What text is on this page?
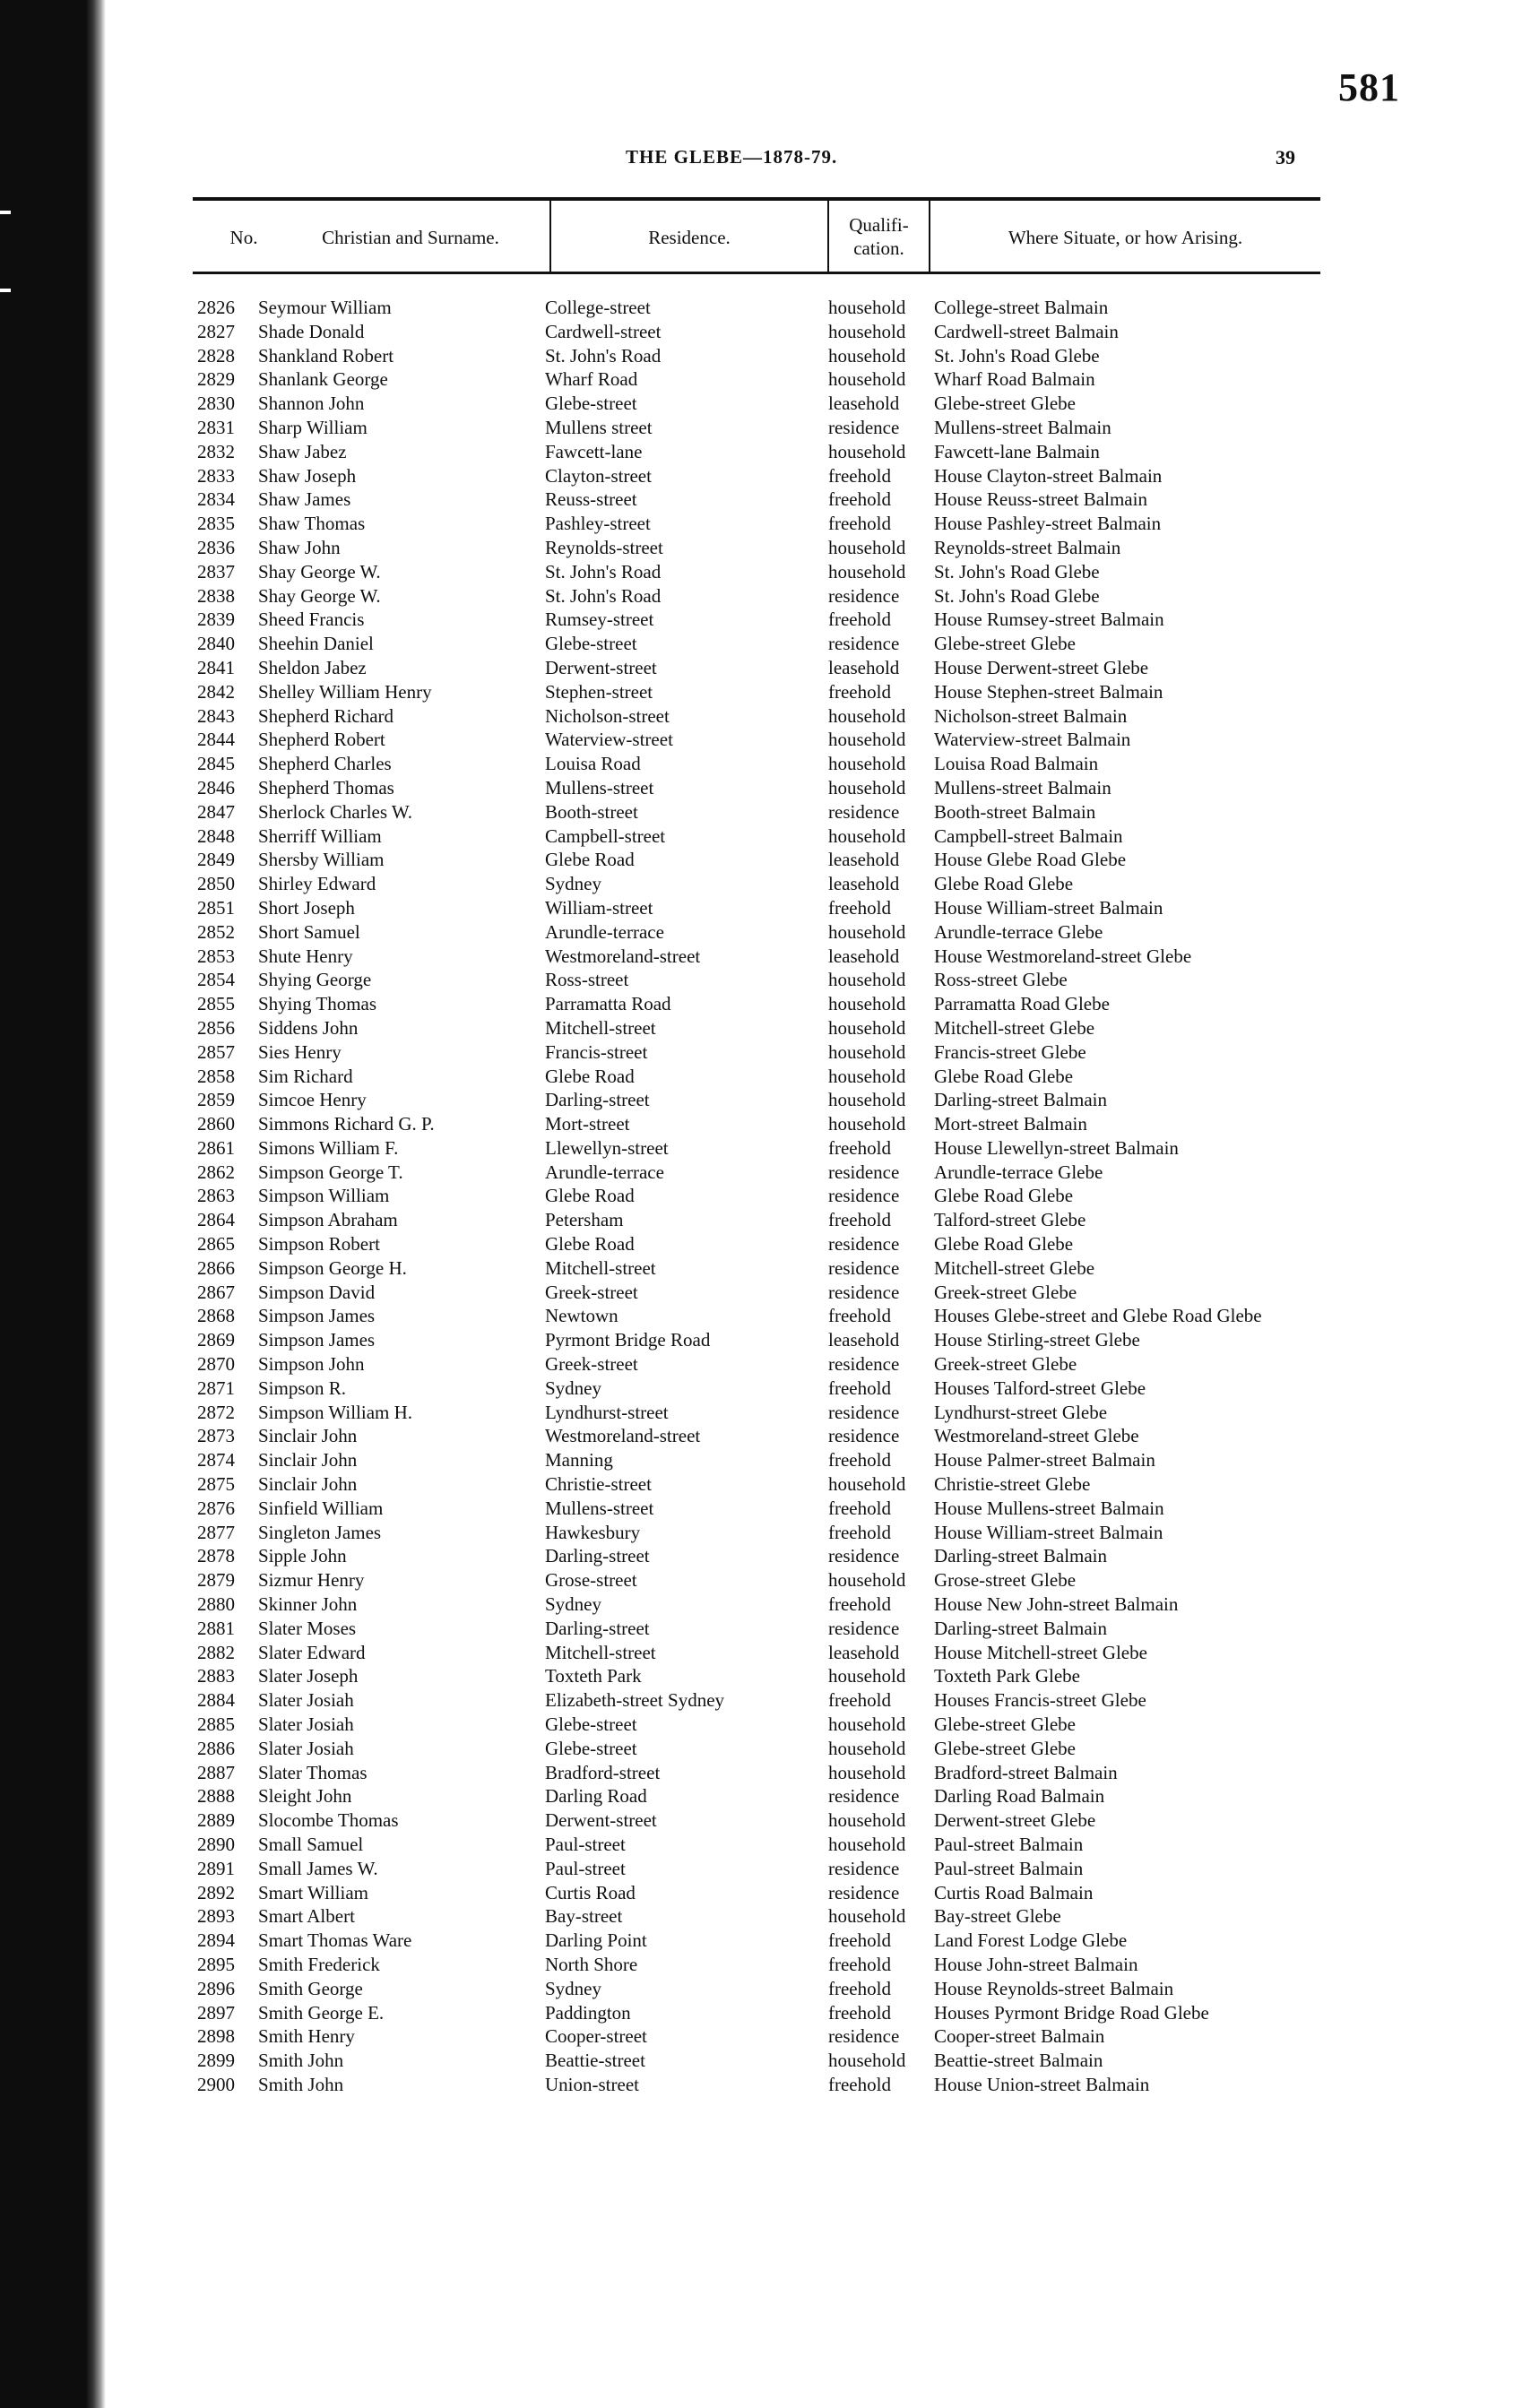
581
THE GLEBE—1878-79.	39
No.	Christian and Surname.	Residence.
Qualifi-
cation.	Where Situate, or how Arising.
2826 Seymour William	College-street	household College-street Balmain
2827 Shade Donald	Cardwell-street	household Cardwell-street Balmain
2828 Shankland Robert	St. John's Road	household St. John's Road Glebe
2829 Shanlank George	Wharf Road	household Wharf Road Balmain
2830 Shannon John	Glebe-street	leasehold Glebe-street Glebe
2831 Sharp William	Mullens street	residence Mullens-street Balmain
2832 Shaw Jabez	Fawcett-lane	household Fawcett-lane Balmain
2833 Shaw Joseph	Clayton-street	freehold House Clayton-street Balmain
2834 Shaw James	Reuss-street	freehold House Reuss-street Balmain
2835 Shaw Thomas	Pashley-street	freehold House Pashley-street Balmain
2836 Shaw John	Reynolds-street	household Reynolds-street Balmain
2837 Shay George W.	St. John's Road	household St. John's Road Glebe
2838 Shay George W.	St. John's Road	residence St. John's Road Glebe
2839 Sheed Francis	Rumsey-street	freehold House Rumsey-street Balmain
2840 Sheehin Daniel	Glebe-street	residence Glebe-street Glebe
2841 Sheldon Jabez	Derwent-street	leasehold House Derwent-street Glebe
2842 Shelley William Henry	Stephen-street	freehold House Stephen-street Balmain
2843 Shepherd Richard	Nicholson-street	household Nicholson-street Balmain
2844 Shepherd Robert	Waterview-street	household Waterview-street Balmain
2845 Shepherd Charles	Louisa Road	household Louisa Road Balmain
2846 Shepherd Thomas	Mullens-street	household Mullens-street Balmain
2847 Sherlock Charles W.	Booth-street	residence Booth-street Balmain
2848 Sherriff William	Campbell-street	household Campbell-street Balmain
2849 Shersby William	Glebe Road	leasehold House Glebe Road Glebe
2850 Shirley Edward	Sydney	leasehold Glebe Road Glebe
2851 Short Joseph	William-street	freehold House William-street Balmain
2852 Short Samuel	Arundle-terrace	household Arundle-terrace Glebe
2853 Shute Henry	Westmoreland-street	leasehold House Westmoreland-street Glebe
2854 Shying George	Ross-street	household Ross-street Glebe
2855 Shying Thomas	Parramatta Road	household Parramatta Road Glebe
2856 Siddens John	Mitchell-street	household Mitchell-street Glebe
2857 Sies Henry	Francis-street	household Francis-street Glebe
2858 Sim Richard	Glebe Road	household Glebe Road Glebe
2859 Simcoe Henry	Darling-street	household Darling-street Balmain
2860 Simmons Richard G. P.	Mort-street	household Mort-street Balmain
2861 Simons William F.	Llewellyn-street	freehold House Llewellyn-street Balmain
2862 Simpson George T.	Arundle-terrace	residence Arundle-terrace Glebe
2863 Simpson William	Glebe Road	residence Glebe Road Glebe
2864 Simpson Abraham	Petersham	freehold Talford-street Glebe
2865 Simpson Robert	Glebe Road	residence Glebe Road Glebe
2866 Simpson George H.	Mitchell-street	residence Mitchell-street Glebe
2867 Simpson David	Greek-street	residence Greek-street Glebe
2868 Simpson James	Newtown	freehold Houses Glebe-street and Glebe Road Glebe
2869 Simpson James	Pyrmont Bridge Road	leasehold House Stirling-street Glebe
2870 Simpson John	Greek-street	residence Greek-street Glebe
2871 Simpson R.	Sydney	freehold Houses Talford-street Glebe
2872 Simpson William H.	Lyndhurst-street	residence Lyndhurst-street Glebe
2873 Sinclair John	Westmoreland-street	residence Westmoreland-street Glebe
2874 Sinclair John	Manning	freehold House Palmer-street Balmain
2875 Sinclair John	Christie-street	household Christie-street Glebe
2876 Sinfield William	Mullens-street	freehold House Mullens-street Balmain
2877 Singleton James	Hawkesbury	freehold House William-street Balmain
2878 Sipple John	Darling-street	residence Darling-street Balmain
2879 Sizmur Henry	Grose-street	household Grose-street Glebe
2880 Skinner John	Sydney	freehold House New John-street Balmain
2881 Slater Moses	Darling-street	residence Darling-street Balmain
2882 Slater Edward	Mitchell-street	leasehold House Mitchell-street Glebe
2883 Slater Joseph	Toxteth Park	household Toxteth Park Glebe
2884 Slater Josiah	Elizabeth-street Sydney	freehold Houses Francis-street Glebe
2885 Slater Josiah	Glebe-street	household Glebe-street Glebe
2886 Slater Josiah	Glebe-street	household Glebe-street Glebe
2887 Slater Thomas	Bradford-street	household Bradford-street Balmain
2888 Sleight John	Darling Road	residence Darling Road Balmain
2889 Slocombe Thomas	Derwent-street	household Derwent-street Glebe
2890 Small Samuel	Paul-street	household Paul-street Balmain
2891 Small James W.	Paul-street	residence Paul-street Balmain
2892 Smart William	Curtis Road	residence Curtis Road Balmain
2893 Smart Albert	Bay-street	household Bay-street Glebe
2894 Smart Thomas Ware	Darling Point	freehold Land Forest Lodge Glebe
2895 Smith Frederick	North Shore	freehold House John-street Balmain
2896 Smith George	Sydney	freehold House Reynolds-street Balmain
2897 Smith George E.	Paddington	freehold Houses Pyrmont Bridge Road Glebe
2898 Smith Henry	Cooper-street	residence Cooper-street Balmain
2899 Smith John	Beattie-street	household Beattie-street Balmain
2900 Smith John	Union-street	freehold House Union-street Balmain
